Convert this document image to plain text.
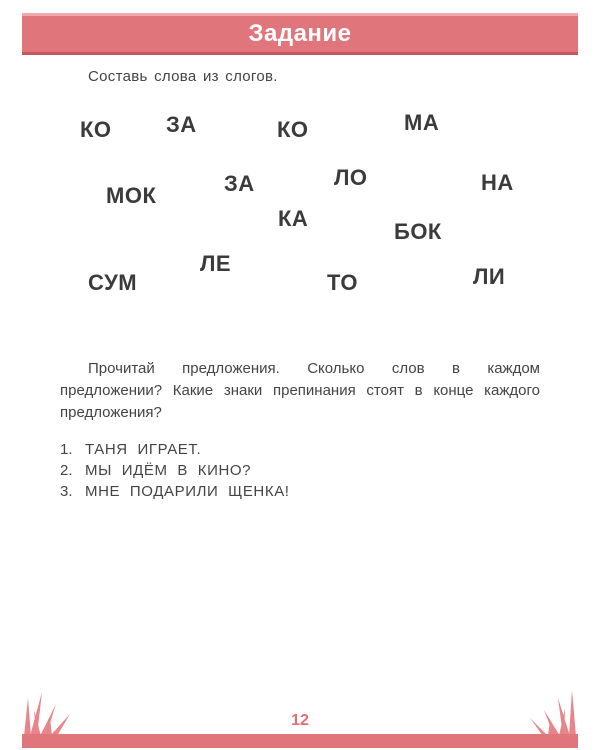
Задание
Составь слова из слогов.
КО ЗА	КО	МА
МОК	ЗА	ЛО	НА
КА
БОК
ЛЕ
СУМ	ТО	ЛИ
Прочитай предложения. Сколько слов в каждом предложении? Какие знаки препинания стоят в конце каждого предложения?
1. ТАНЯ ИГРАЕТ.
2. МЫ ИДЁМ В КИНО?
3. МНЕ ПОДАРИЛИ ЩЕНКА!
12
